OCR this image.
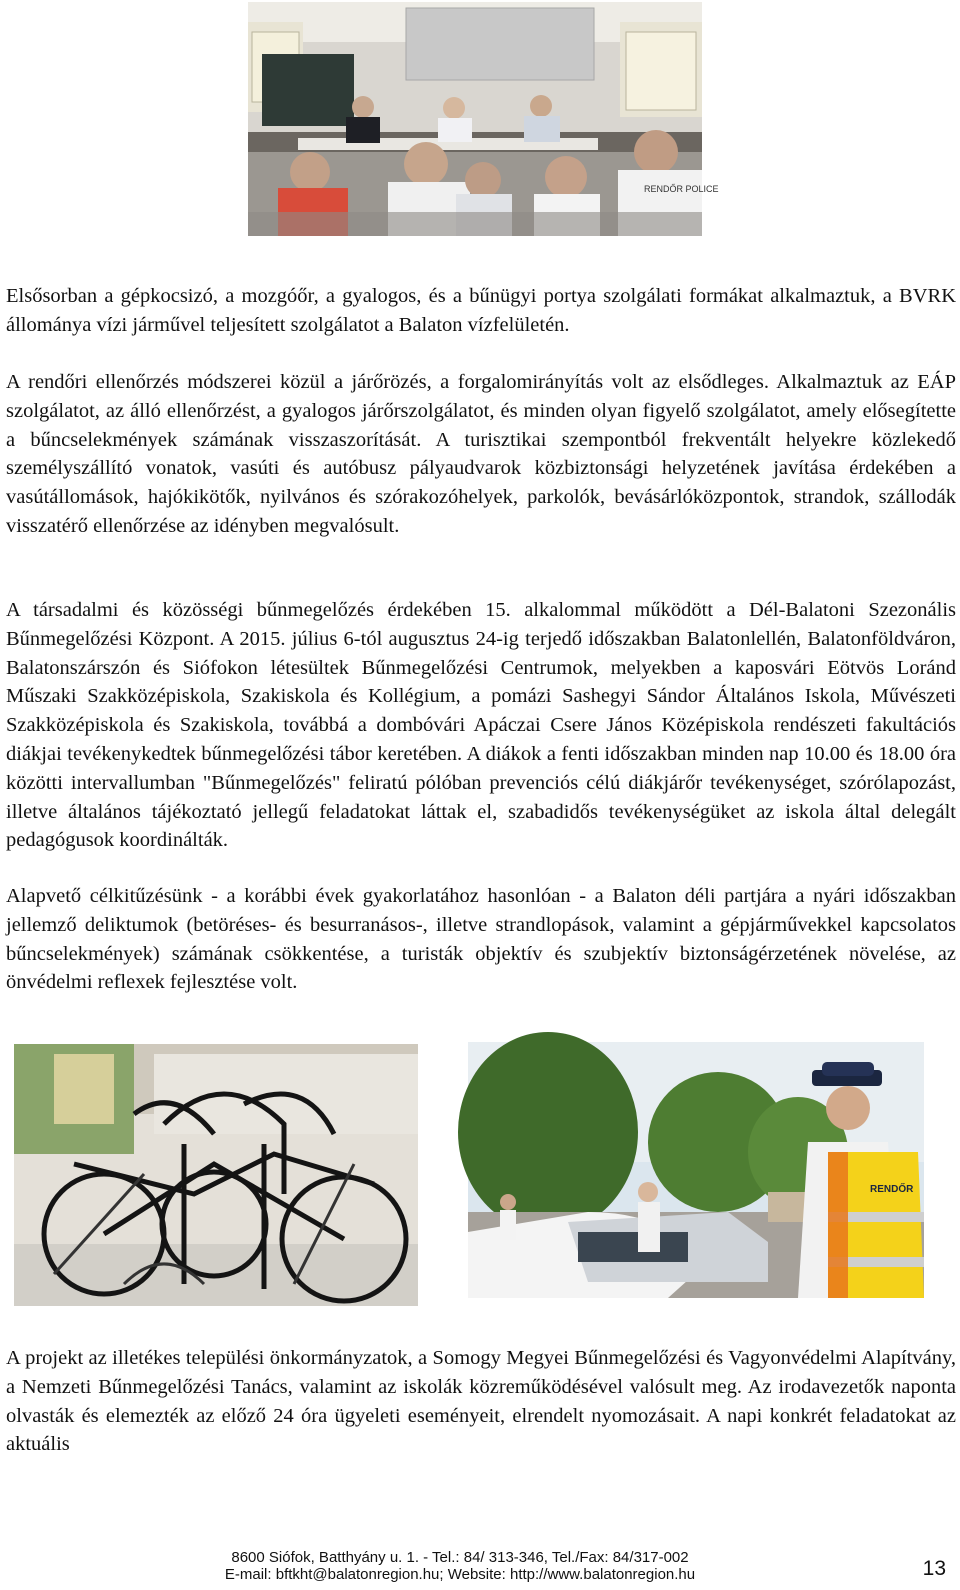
RENDŐR POLICE

Elsősorban a gépkocsizó, a mozgóőr, a gyalogos, és a bűnügyi portya szolgálati formákat alkalmaztuk, a BVRK állománya vízi járművel teljesített szolgálatot a Balaton vízfelületén.

A rendőri ellenőrzés módszerei közül a járőrözés, a forgalomirányítás volt az elsődleges. Alkalmaztuk az EÁP szolgálatot, az álló ellenőrzést, a gyalogos járőrszolgálatot, és minden olyan figyelő szolgálatot, amely elősegítette a bűncselekmények számának visszaszorítását. A turisztikai szempontból frekventált helyekre közlekedő személyszállító vonatok, vasúti és autóbusz pályaudvarok közbiztonsági helyzetének javítása érdekében a vasútállomások, hajókikötők, nyilvános és szórakozóhelyek, parkolók, bevásárlóközpontok, strandok, szállodák visszatérő ellenőrzése az idényben megvalósult.

A társadalmi és közösségi bűnmegelőzés érdekében 15. alkalommal működött a Dél-Balatoni Szezonális Bűnmegelőzési Központ. A 2015. július 6-tól augusztus 24-ig terjedő időszakban Balatonlellén, Balatonföldváron, Balatonszárszón és Siófokon létesültek Bűnmegelőzési Centrumok, melyekben a kaposvári Eötvös Loránd Műszaki Szakközépiskola, Szakiskola és Kollégium, a pomázi Sashegyi Sándor Általános Iskola, Művészeti Szakközépiskola és Szakiskola, továbbá a dombóvári Apáczai Csere János Középiskola rendészeti fakultációs diákjai tevékenykedtek bűnmegelőzési tábor keretében. A diákok a fenti időszakban minden nap 10.00 és 18.00 óra közötti intervallumban "Bűnmegelőzés" feliratú pólóban prevenciós célú diákjárőr tevékenységet, szórólapozást, illetve általános tájékoztató jellegű feladatokat láttak el, szabadidős tevékenységüket az iskola által delegált pedagógusok koordinálták.

Alapvető célkitűzésünk - a korábbi évek gyakorlatához hasonlóan - a Balaton déli partjára a nyári időszakban jellemző deliktumok (betöréses- és besurranásos-, illetve strandlopások, valamint a gépjárművekkel kapcsolatos bűncselekmények) számának csökkentése, a turisták objektív és szubjektív biztonságérzetének növelése, az önvédelmi reflexek fejlesztése volt.

RENDŐR

A projekt az illetékes települési önkormányzatok, a Somogy Megyei Bűnmegelőzési és Vagyonvédelmi Alapítvány, a Nemzeti Bűnmegelőzési Tanács, valamint az iskolák közreműködésével valósult meg. Az irodavezetők naponta olvasták és elemezték az előző 24 óra ügyeleti eseményeit, elrendelt nyomozásait. A napi konkrét feladatokat az aktuális

8600 Siófok, Batthyány u. 1. - Tel.: 84/ 313-346, Tel./Fax: 84/317-002
E-mail: bftkht@balatonregion.hu; Website: http://www.balatonregion.hu	13
